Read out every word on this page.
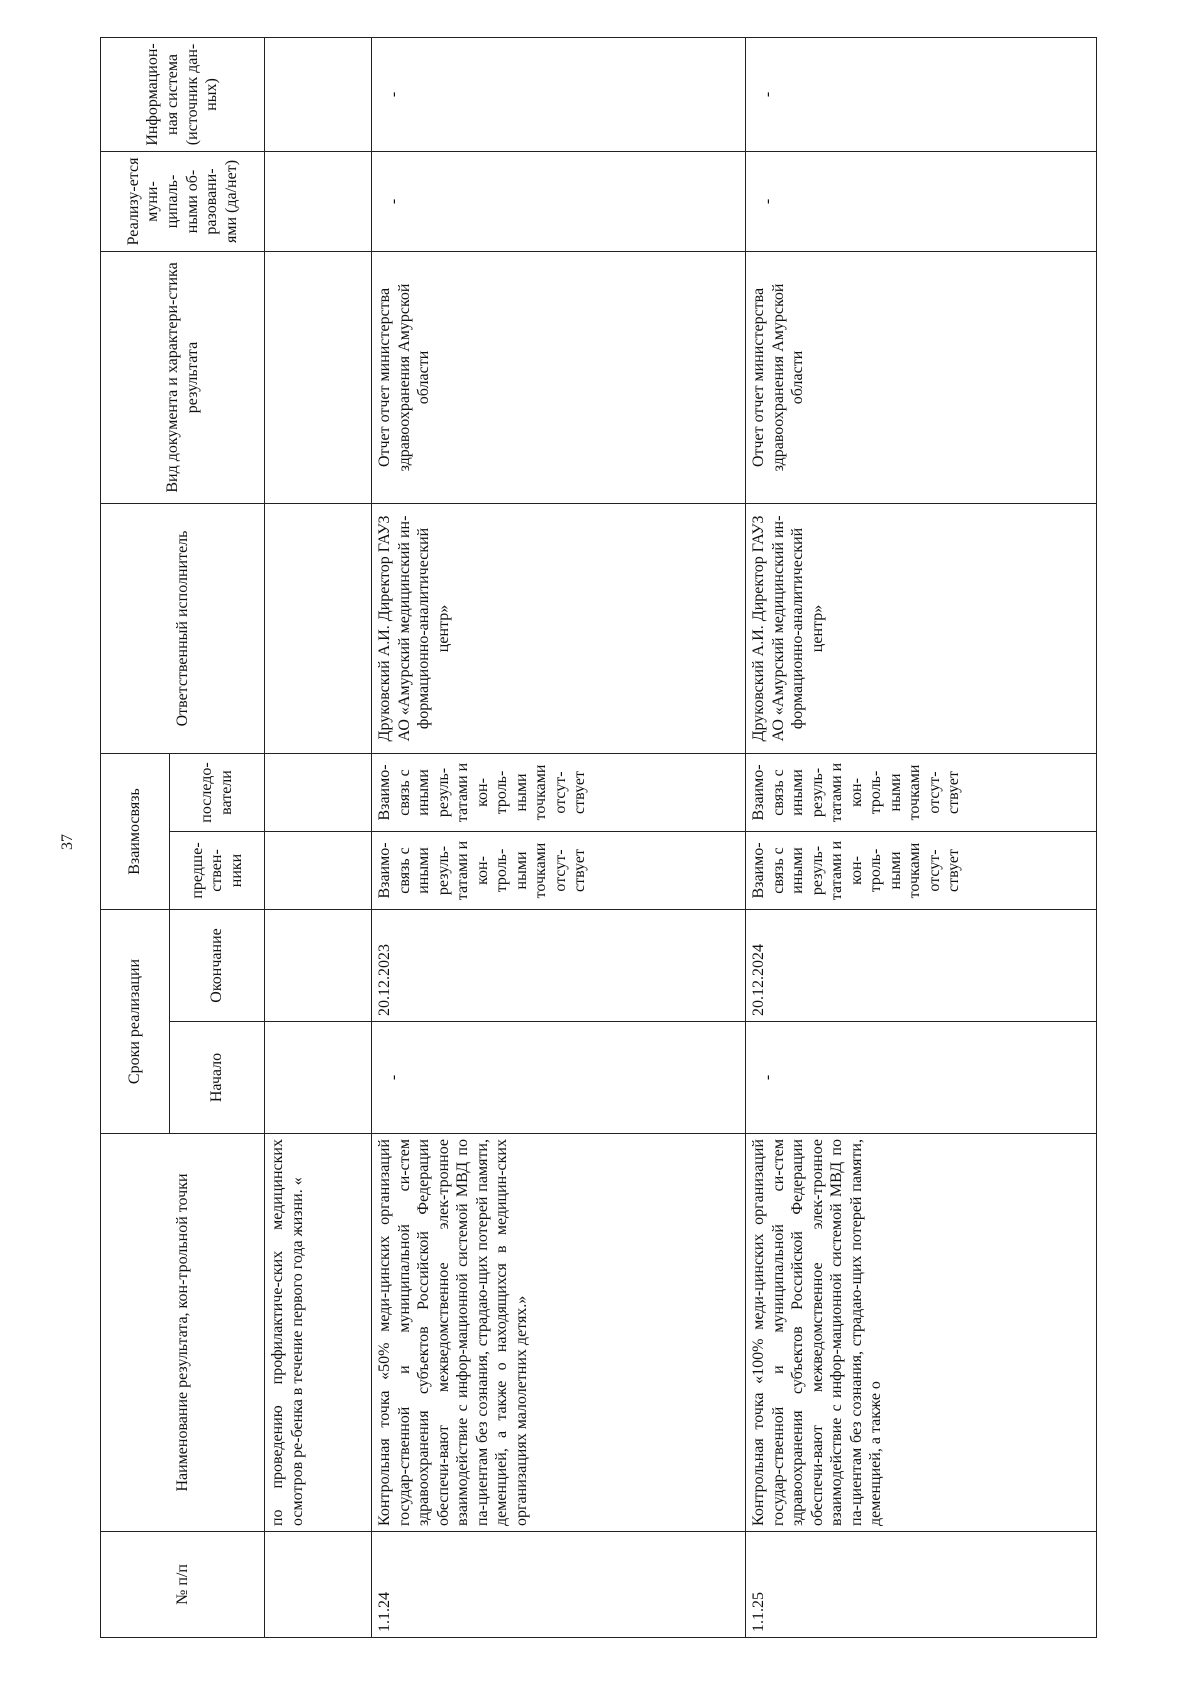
37
№ п/п	Наименование результата, кон-трольной точки	Сроки реализации		Взаимосвязь		Ответственный исполнитель	Вид документа и характери-стика результата	Реализу-ется муни-ципаль-ными об-разовани-ями (да/нет)	Информацион-ная система (источник дан-ных)
		Начало	Окончание	предше-ствен-ники	последо-ватели				
	по проведению профилактиче-ских медицинских осмотров ре-бенка в течение первого года жизни. «								
1.1.24	Контрольная точка «50% меди-цинских организаций государ-ственной и муниципальной си-стем здравоохранения субъектов Российской Федерации обеспечи-вают межведомственное элек-тронное взаимодействие с инфор-мационной системой МВД по па-циентам без сознания, страдаю-щих потерей памяти, деменцией, а также о находящихся в медицин-ских организациях малолетних детях.»	-	20.12.2023	Взаимо-связь с иными резуль-татами и кон-троль-ными точками отсут-ствует	Взаимо-связь с иными резуль-татами и кон-троль-ными точками отсут-ствует	Друковский А.И. Директор ГАУЗ АО «Амурский медицинский ин-формационно-аналитический центр»	Отчет отчет министерства здравоохранения Амурской области	-	-
1.1.25	Контрольная точка «100% меди-цинских организаций государ-ственной и муниципальной си-стем здравоохранения субъектов Российской Федерации обеспечи-вают межведомственное элек-тронное взаимодействие с инфор-мационной системой МВД по па-циентам без сознания, страдаю-щих потерей памяти, деменцией, а также о	-	20.12.2024	Взаимо-связь с иными резуль-татами и кон-троль-ными точками отсут-ствует	Взаимо-связь с иными резуль-татами и кон-троль-ными точками отсут-ствует	Друковский А.И. Директор ГАУЗ АО «Амурский медицинский ин-формационно-аналитический центр»	Отчет отчет министерства здравоохранения Амурской области	-	-
